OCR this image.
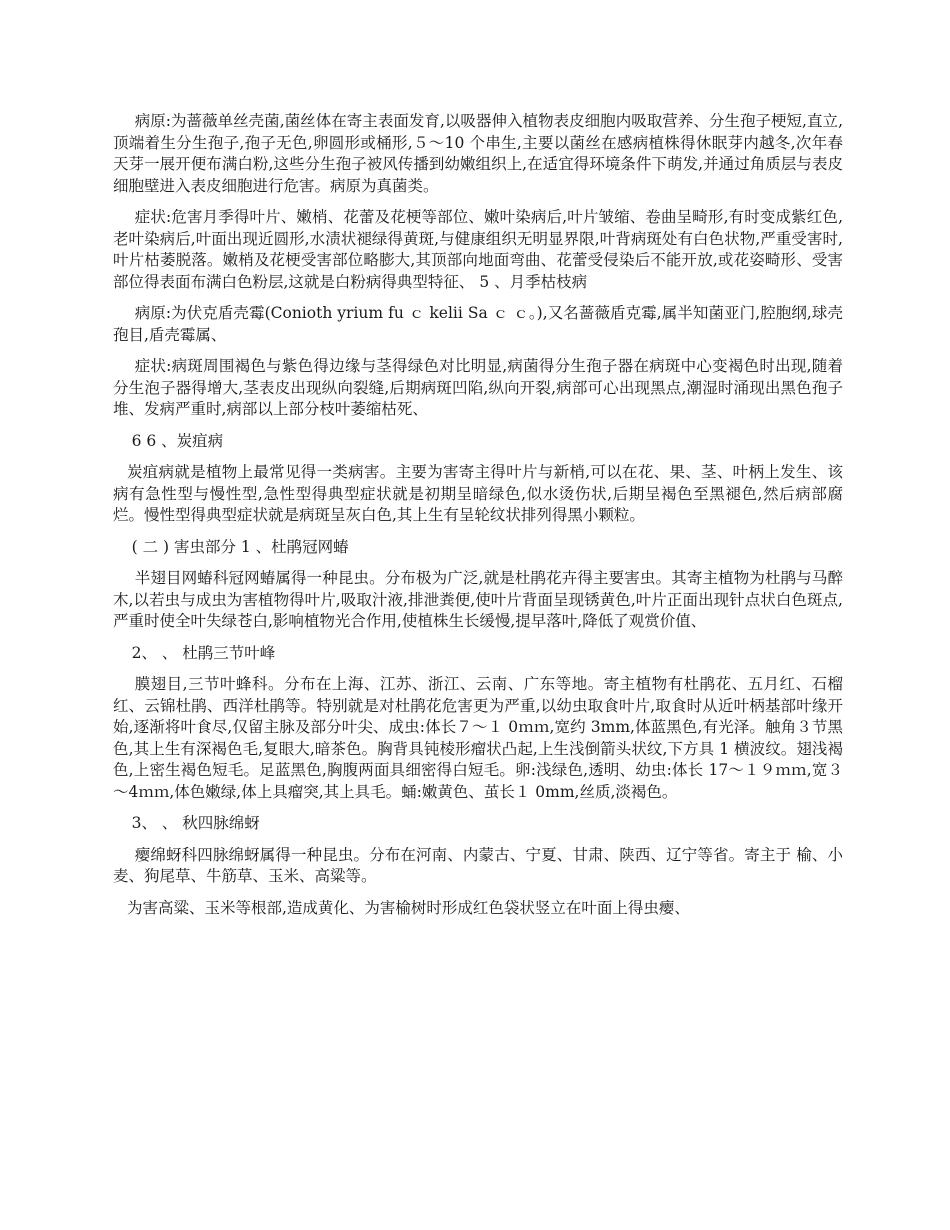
病原:为蔷薇单丝壳菌,菌丝体在寄主表面发育,以吸器伸入植物表皮细胞内吸取营养、分生孢子梗短,直立,顶端着生分生孢子,孢子无色,卵圆形或桶形,５～10 个串生,主要以菌丝在感病植株得休眠芽内越冬,次年春天芽一展开便布满白粉,这些分生孢子被风传播到幼嫩组织上,在适宜得环境条件下萌发,并通过角质层与表皮细胞壁进入表皮细胞进行危害。病原为真菌类。

症状:危害月季得叶片、嫩梢、花蕾及花梗等部位、嫩叶染病后,叶片皱缩、卷曲呈畸形,有时变成紫红色,老叶染病后,叶面出现近圆形,水渍状褪绿得黄斑,与健康组织无明显界限,叶背病斑处有白色状物,严重受害时,叶片枯萎脱落。嫩梢及花梗受害部位略膨大,其顶部向地面弯曲、花蕾受侵染后不能开放,或花姿畸形、受害部位得表面布满白色粉层,这就是白粉病得典型特征、 5 、月季枯枝病

病原:为伏克盾壳霉(Conioth yrium fu ｃ kelii Sa ｃ ｃ。),又名蔷薇盾克霉,属半知菌亚门,腔胞纲,球壳孢目,盾壳霉属、

症状:病斑周围褐色与紫色得边缘与茎得绿色对比明显,病菌得分生孢子器在病斑中心变褐色时出现,随着分生泡子器得增大,茎表皮出现纵向裂缝,后期病斑凹陷,纵向开裂,病部可心出现黑点,潮湿时涌现出黑色孢子堆、发病严重时,病部以上部分枝叶萎缩枯死、

6 6 、炭疽病

炭疽病就是植物上最常见得一类病害。主要为害寄主得叶片与新梢,可以在花、果、茎、叶柄上发生、该病有急性型与慢性型,急性型得典型症状就是初期呈暗绿色,似水烫伤状,后期呈褐色至黑褪色,然后病部腐烂。慢性型得典型症状就是病斑呈灰白色,其上生有呈轮纹状排列得黑小颗粒。

( 二 ) 害虫部分 1 、杜鹃冠网蝽

半翅目网蝽科冠网蝽属得一种昆虫。分布极为广泛,就是杜鹃花卉得主要害虫。其寄主植物为杜鹃与马醉木,以若虫与成虫为害植物得叶片,吸取汁液,排泄粪便,使叶片背面呈现锈黄色,叶片正面出现针点状白色斑点,严重时使全叶失绿苍白,影响植物光合作用,使植株生长缓慢,提早落叶,降低了观赏价值、

2、 、 杜鹃三节叶峰

膜翅目,三节叶蜂科。分布在上海、江苏、浙江、云南、广东等地。寄主植物有杜鹃花、五月红、石榴红、云锦杜鹃、西洋杜鹃等。特别就是对杜鹃花危害更为严重,以幼虫取食叶片,取食时从近叶柄基部叶缘开始,逐渐将叶食尽,仅留主脉及部分叶尖、成虫:体长７～１ 0ｍｍ,宽约 3mm,体蓝黑色,有光泽。触角３节黑色,其上生有深褐色毛,复眼大,暗茶色。胸背具钝棱形瘤状凸起,上生浅倒箭头状纹,下方具 1 横波纹。翅浅褐色,上密生褐色短毛。足蓝黑色,胸腹两面具细密得白短毛。卵:浅绿色,透明、幼虫:体长 17～１９ｍｍ,宽３～4ｍｍ,体色嫩绿,体上具瘤突,其上具毛。蛹:嫩黄色、茧长１ 0mm,丝质,淡褐色。

3、 、 秋四脉绵蚜

瘿绵蚜科四脉绵蚜属得一种昆虫。分布在河南、内蒙古、宁夏、甘肃、陕西、辽宁等省。寄主于 榆、小麦、狗尾草、牛筋草、玉米、高粱等。

为害高粱、玉米等根部,造成黄化、为害榆树时形成红色袋状竖立在叶面上得虫瘿、
